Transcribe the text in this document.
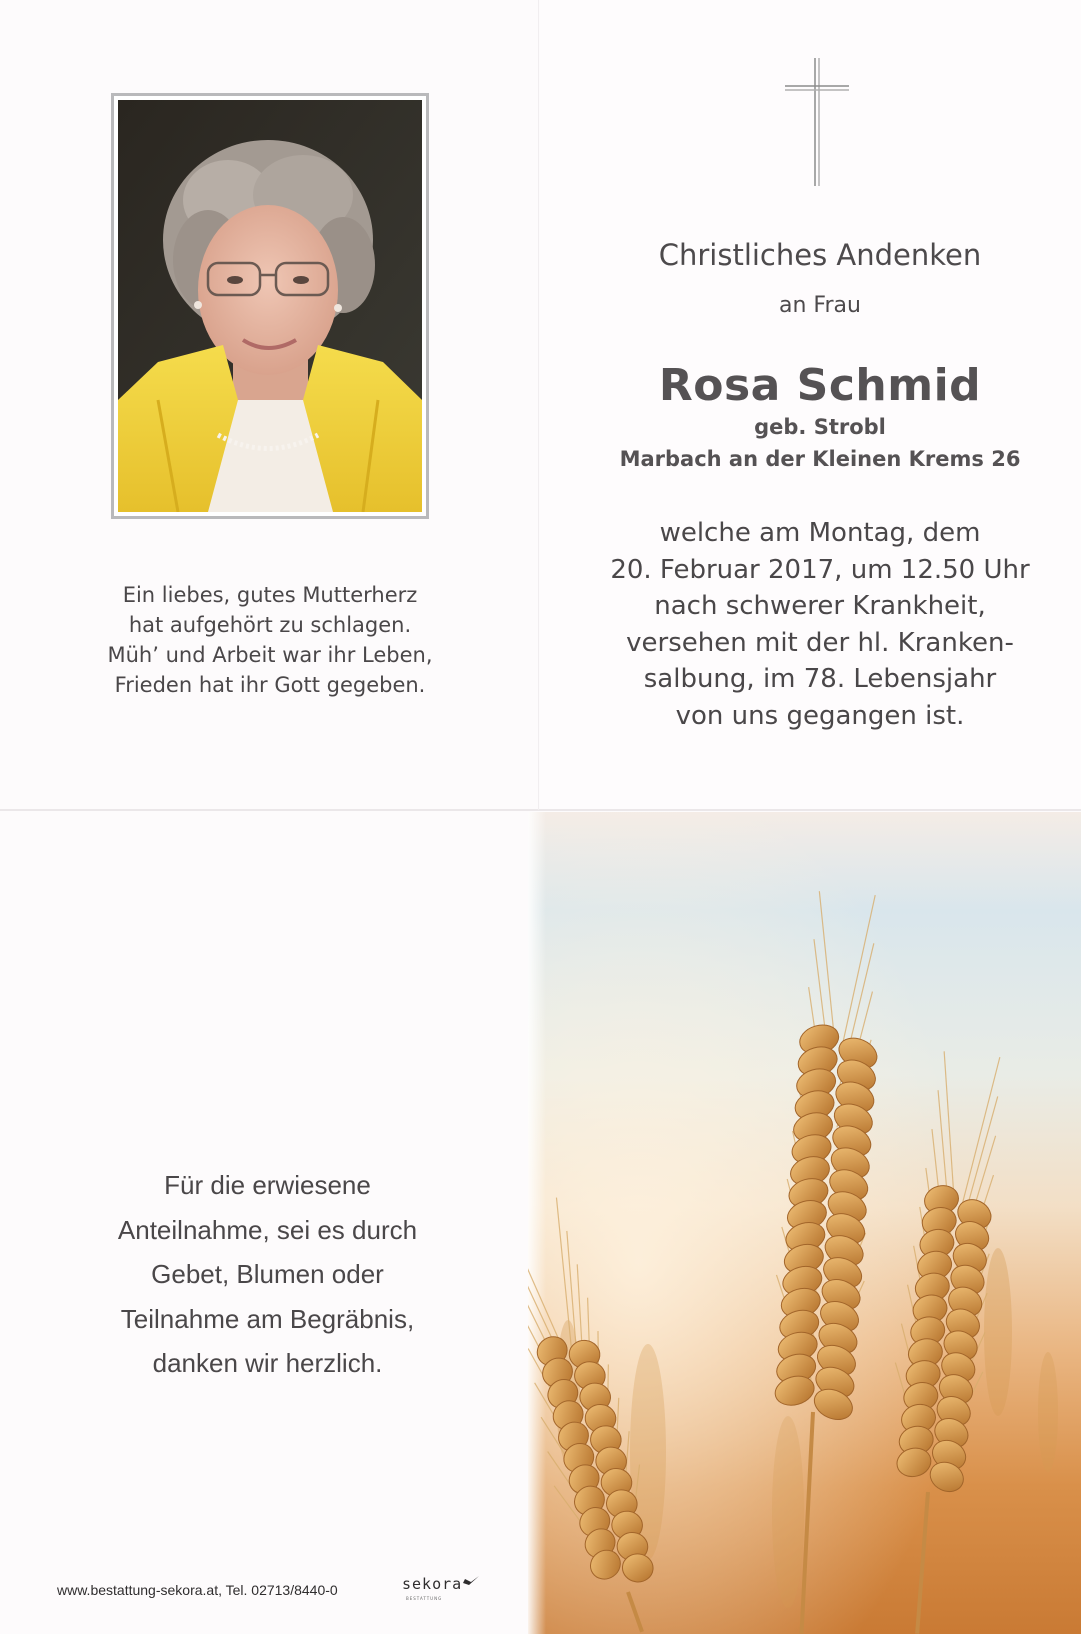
Ein liebes, gutes Mutterherz
hat aufgehört zu schlagen.
Müh’ und Arbeit war ihr Leben,
Frieden hat ihr Gott gegeben.
Christliches Andenken
an Frau
Rosa Schmid
geb. Strobl
Marbach an der Kleinen Krems 26
welche am Montag, dem
20. Februar 2017, um 12.50 Uhr
nach schwerer Krankheit,
versehen mit der hl. Kranken-
salbung, im 78. Lebensjahr
von uns gegangen ist.
Für die erwiesene
Anteilnahme, sei es durch
Gebet, Blumen oder
Teilnahme am Begräbnis,
danken wir herzlich.
www.bestattung-sekora.at, Tel. 02713/8440-0	sekora
BESTATTUNG
